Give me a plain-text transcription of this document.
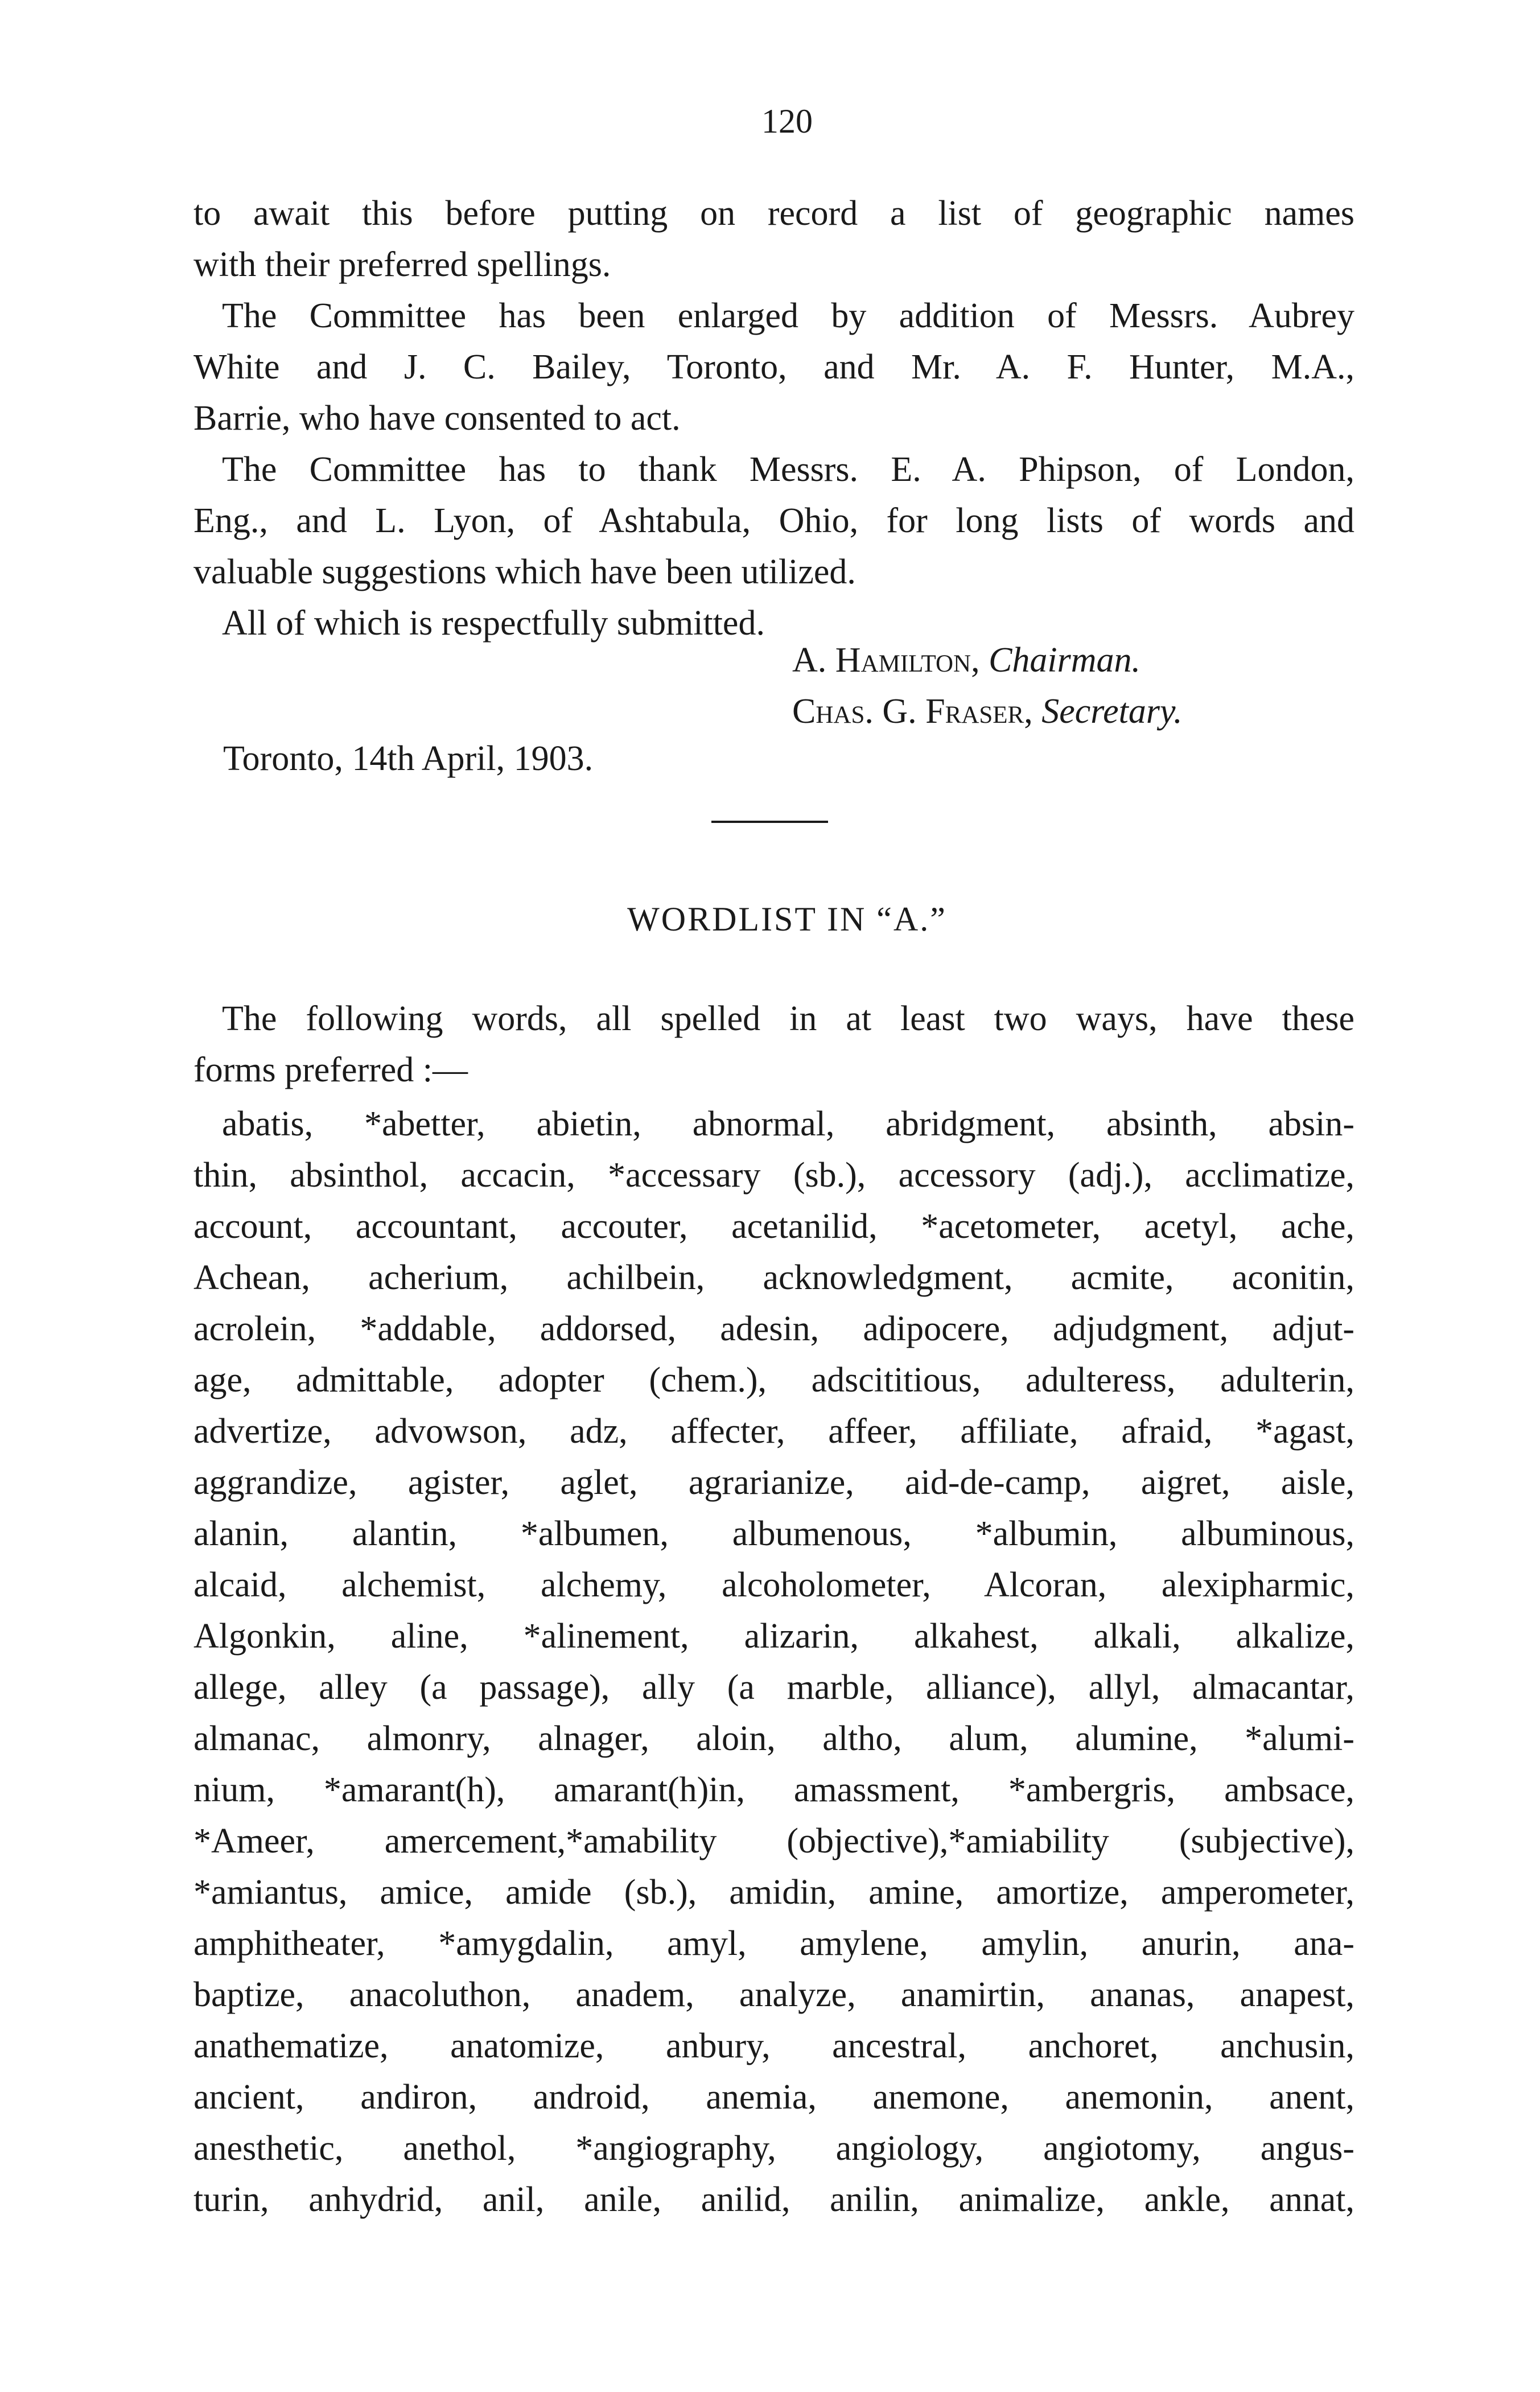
120
to await this before putting on record a list of geographic names
with their preferred spellings.
The Committee has been enlarged by addition of Messrs. Aubrey
White and J. C. Bailey, Toronto, and Mr. A. F. Hunter, M.A.,
Barrie, who have consented to act.
The Committee has to thank Messrs. E. A. Phipson, of London,
Eng., and L. Lyon, of Ashtabula, Ohio, for long lists of words and
valuable suggestions which have been utilized.
All of which is respectfully submitted.
A. Hamilton, Chairman.
Chas. G. Fraser, Secretary.
Toronto, 14th April, 1903.
WORDLIST IN “A.”
The following words, all spelled in at least two ways, have these
forms preferred :—
abatis, *abetter, abietin, abnormal, abridgment, absinth, absin-
thin, absinthol, accacin, *accessary (sb.), accessory (adj.), acclimatize,
account, accountant, accouter, acetanilid, *acetometer, acetyl, ache,
Achean, acherium, achilbein, acknowledgment, acmite, aconitin,
acrolein, *addable, addorsed, adesin, adipocere, adjudgment, adjut-
age, admittable, adopter (chem.), adscititious, adulteress, adulterin,
advertize, advowson, adz, affecter, affeer, affiliate, afraid, *agast,
aggrandize, agister, aglet, agrarianize, aid-de-camp, aigret, aisle,
alanin, alantin, *albumen, albumenous, *albumin, albuminous,
alcaid, alchemist, alchemy, alcoholometer, Alcoran, alexipharmic,
Algonkin, aline, *alinement, alizarin, alkahest, alkali, alkalize,
allege, alley (a passage), ally (a marble, alliance), allyl, almacantar,
almanac, almonry, alnager, aloin, altho, alum, alumine, *alumi-
nium, *amarant(h), amarant(h)in, amassment, *ambergris, ambsace,
*Ameer, amercement,*amability (objective),*amiability (subjective),
*amiantus, amice, amide (sb.), amidin, amine, amortize, amperometer,
amphitheater, *amygdalin, amyl, amylene, amylin, anurin, ana-
baptize, anacoluthon, anadem, analyze, anamirtin, ananas, anapest,
anathematize, anatomize, anbury, ancestral, anchoret, anchusin,
ancient, andiron, android, anemia, anemone, anemonin, anent,
anesthetic, anethol, *angiography, angiology, angiotomy, angus-
turin, anhydrid, anil, anile, anilid, anilin, animalize, ankle, annat,
